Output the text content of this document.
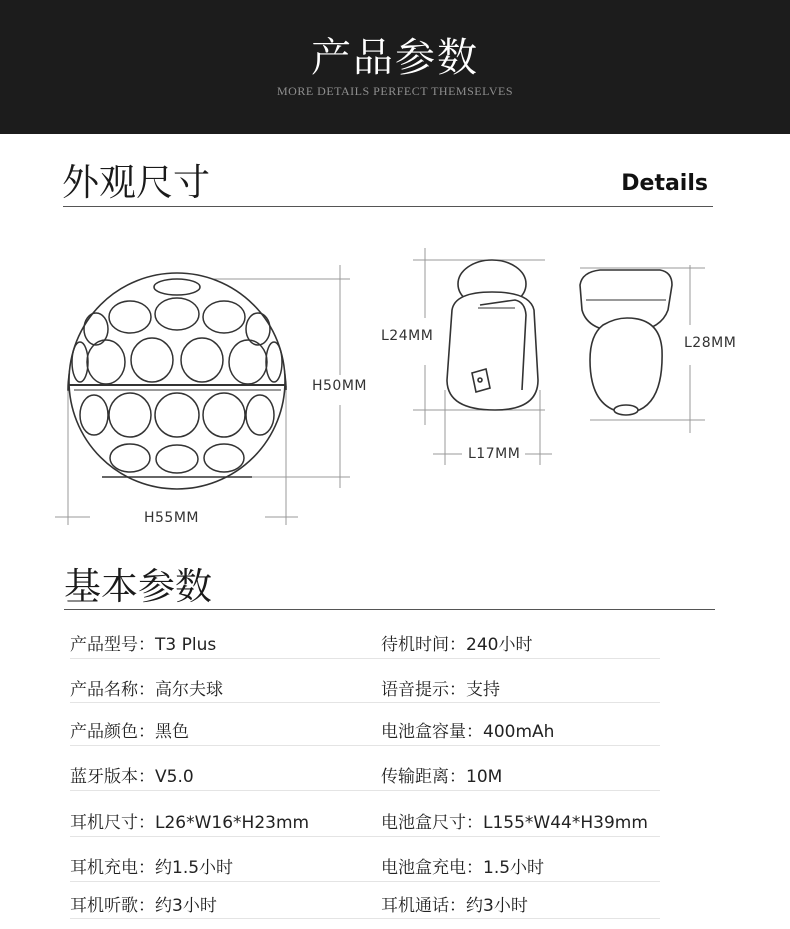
产品参数
MORE DETAILS PERFECT THEMSELVES
外观尺寸	Details
H50MM
H55MM
L24MM
L17MM
L28MM
基本参数
产品型号：T3 Plus	待机时间：240小时
产品名称：高尔夫球	语音提示：支持
产品颜色：黑色	电池盒容量：400mAh
蓝牙版本：V5.0	传输距离：10M
耳机尺寸：L26*W16*H23mm	电池盒尺寸：L155*W44*H39mm
耳机充电：约1.5小时	电池盒充电：1.5小时
耳机听歌：约3小时	耳机通话：约3小时
